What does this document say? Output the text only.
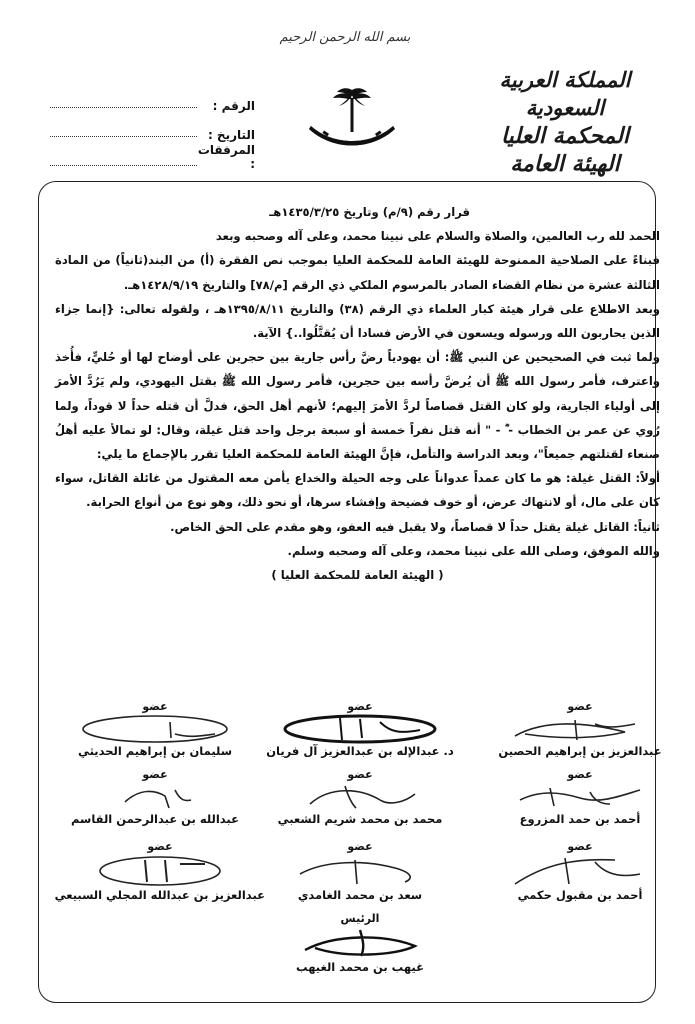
بسم الله الرحمن الرحيم
المملكة العربية السعودية
المحكمة العليا
الهيئة العامة
الرقم :
التاريخ :
المرفقات :

قرار رقم (٩/م) وتاريخ ١٤٣٥/٣/٢٥هـ

الحمد لله رب العالمين، والصلاة والسلام على نبينا محمد، وعلى آله وصحبه وبعد

فبناءً على الصلاحية الممنوحة للهيئة العامة للمحكمة العليا بموجب نص الفقرة (أ) من البند(ثانياً) من المادة الثالثة عشرة من نظام القضاء الصادر بالمرسوم الملكي ذي الرقم [م/٧٨] والتاريخ ١٤٢٨/٩/١٩هـ.

وبعد الاطلاع على قرار هيئة كبار العلماء ذي الرقم (٣٨) والتاريخ ١٣٩٥/٨/١١هـ ، ولقوله تعالى: {إنما جزاء الذين يحاربون الله ورسوله ويسعون في الأرض فسادا أن يُقتَّلُوا..} الآية.

ولما ثبت في الصحيحين عن النبي ﷺ: أن يهودياً رضَّ رأس جارية بين حجرين على أوضاح لها أو حُليٍّ، فأُخذ واعترف، فأمر رسول الله ﷺ أن يُرضَّ رأسه بين حجرين، فأمر رسول الله ﷺ بقتل اليهودي، ولم يَرُدَّ الأمرَ إلى أولياء الجارية، ولو كان القتل قصاصاً لردَّ الأمرَ إليهم؛ لأنهم أهل الحق، فدلَّ أن قتله حداً لا قوداً، ولما رُوي عن عمر بن الخطاب - ؓ - " أنه قتل نفراً خمسة أو سبعة برجل واحد قتل غيلة، وقال: لو تمالأ عليه أهلُ صنعاء لقتلتهم جميعاً"، وبعد الدراسة والتأمل، فإنَّ الهيئة العامة للمحكمة العليا تقرر بالإجماع ما يلي:

أولاً: القتل غيلة: هو ما كان عمداً عدواناً على وجه الحيلة والخداع يأمن معه المقتول من غائلة القاتل، سواء كان على مال، أو لانتهاك عرض، أو خوف فضيحة وإفشاء سرها، أو نحو ذلك، وهو نوع من أنواع الحرابة.

ثانياً: القاتل غيلة يقتل حداً لا قصاصاً، ولا يقبل فيه العفو، وهو مقدم على الحق الخاص.

والله الموفق، وصلى الله على نبينا محمد، وعلى آله وصحبه وسلم.

( الهيئة العامة للمحكمة العليا )

عضو
عبدالعزيز بن إبراهيم الحصين
عضو
د. عبدالإله بن عبدالعزيز آل فريان
عضو
سليمان بن إبراهيم الحديثي
عضو
أحمد بن حمد المزروع
عضو
محمد بن محمد شريم الشعبي
عضو
عبدالله بن عبدالرحمن القاسم
عضو
أحمد بن مقبول حكمي
عضو
سعد بن محمد الغامدي
عضو
عبدالعزيز بن عبدالله المجلي السبيعي
الرئيس
غيهب بن محمد الغيهب
